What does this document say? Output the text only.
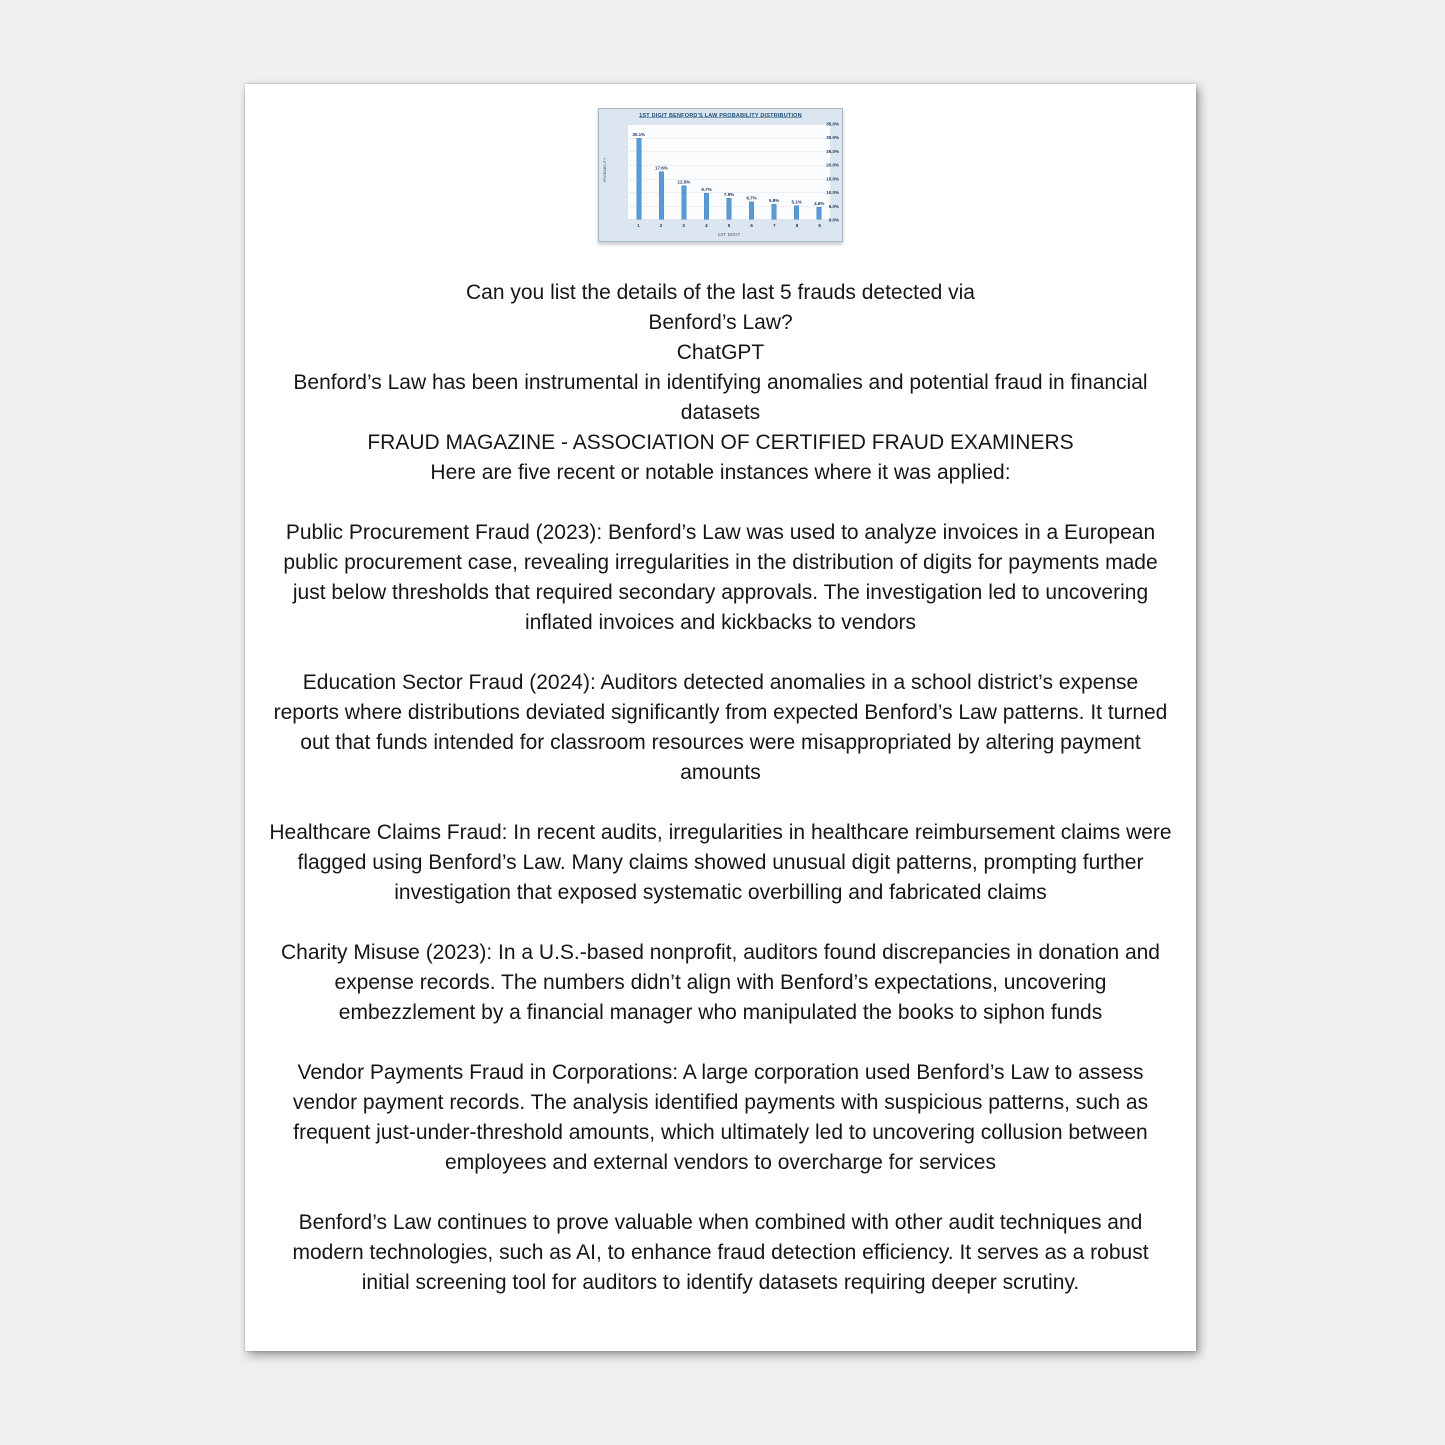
1ST DIGIT BENFORD'S LAW PROBABILITY DISTRIBUTION
PROBABILITY
30.1%
17.6%
12.5%
9.7%
7.9%
6.7% 5.8% 5.1% 4.6%
1	2	3	4	5	6	7	8	9
1ST DIGIT
35.0%
30.0%
25.0%
20.0%
15.0%
10.0%
5.0%
0.0%
Can you list the details of the last 5 frauds detected via
Benford’s Law?
ChatGPT
Benford’s Law has been instrumental in identifying anomalies and potential fraud in financial datasets
FRAUD MAGAZINE - ASSOCIATION OF CERTIFIED FRAUD EXAMINERS
Here are five recent or notable instances where it was applied:

Public Procurement Fraud (2023): Benford’s Law was used to analyze invoices in a European public procurement case, revealing irregularities in the distribution of digits for payments made just below thresholds that required secondary approvals. The investigation led to uncovering inflated invoices and kickbacks to vendors

Education Sector Fraud (2024): Auditors detected anomalies in a school district’s expense reports where distributions deviated significantly from expected Benford’s Law patterns. It turned out that funds intended for classroom resources were misappropriated by altering payment amounts

Healthcare Claims Fraud: In recent audits, irregularities in healthcare reimbursement claims were flagged using Benford’s Law. Many claims showed unusual digit patterns, prompting further investigation that exposed systematic overbilling and fabricated claims

Charity Misuse (2023): In a U.S.-based nonprofit, auditors found discrepancies in donation and expense records. The numbers didn’t align with Benford’s expectations, uncovering embezzlement by a financial manager who manipulated the books to siphon funds

Vendor Payments Fraud in Corporations: A large corporation used Benford’s Law to assess vendor payment records. The analysis identified payments with suspicious patterns, such as frequent just-under-threshold amounts, which ultimately led to uncovering collusion between employees and external vendors to overcharge for services

Benford’s Law continues to prove valuable when combined with other audit techniques and modern technologies, such as AI, to enhance fraud detection efficiency. It serves as a robust initial screening tool for auditors to identify datasets requiring deeper scrutiny.
